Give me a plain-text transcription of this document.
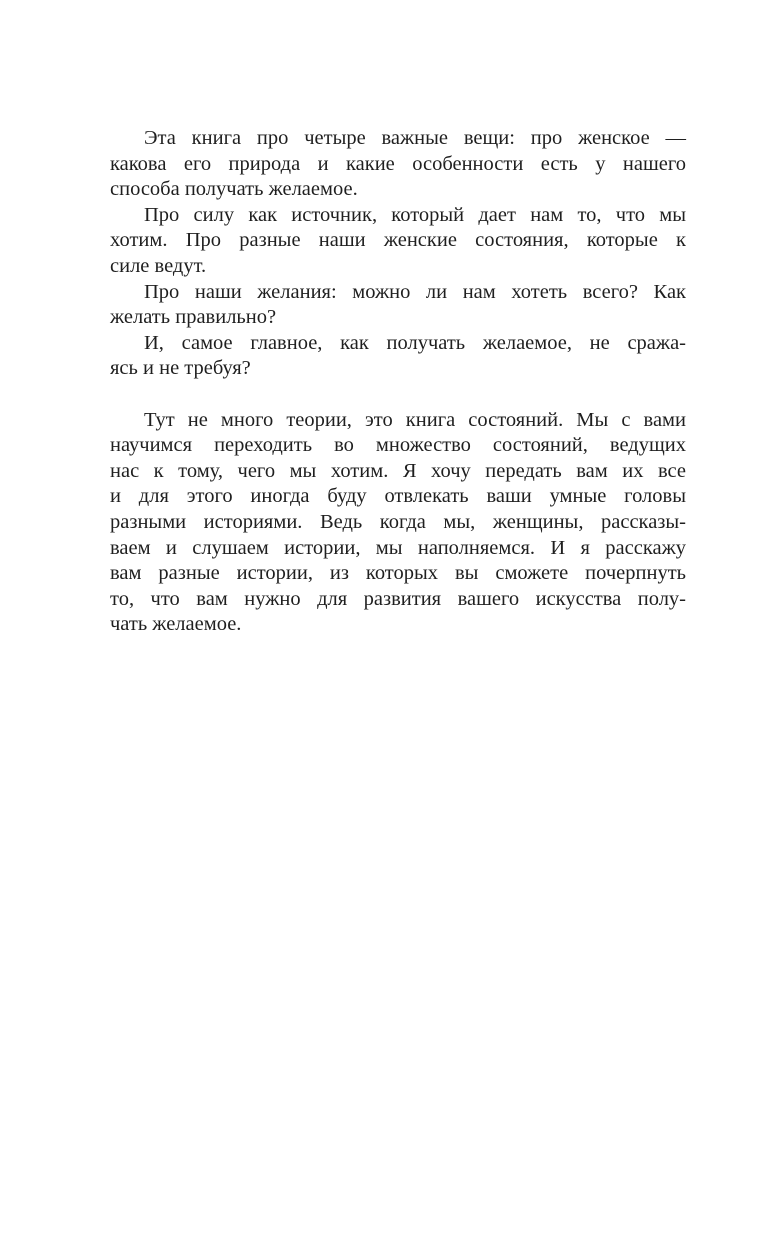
Эта книга про четыре важные вещи: про женское —
какова его природа и какие особенности есть у нашего
способа получать желаемое.
Про силу как источник, который дает нам то, что мы
хотим. Про разные наши женские состояния, которые к
силе ведут.
Про наши желания: можно ли нам хотеть всего? Как
желать правильно?
И, самое главное, как получать желаемое, не сража-
ясь и не требуя?
Тут не много теории, это книга состояний. Мы с вами
научимся переходить во множество состояний, ведущих
нас к тому, чего мы хотим. Я хочу передать вам их все
и для этого иногда буду отвлекать ваши умные головы
разными историями. Ведь когда мы, женщины, рассказы-
ваем и слушаем истории, мы наполняемся. И я расскажу
вам разные истории, из которых вы сможете почерпнуть
то, что вам нужно для развития вашего искусства полу-
чать желаемое.
